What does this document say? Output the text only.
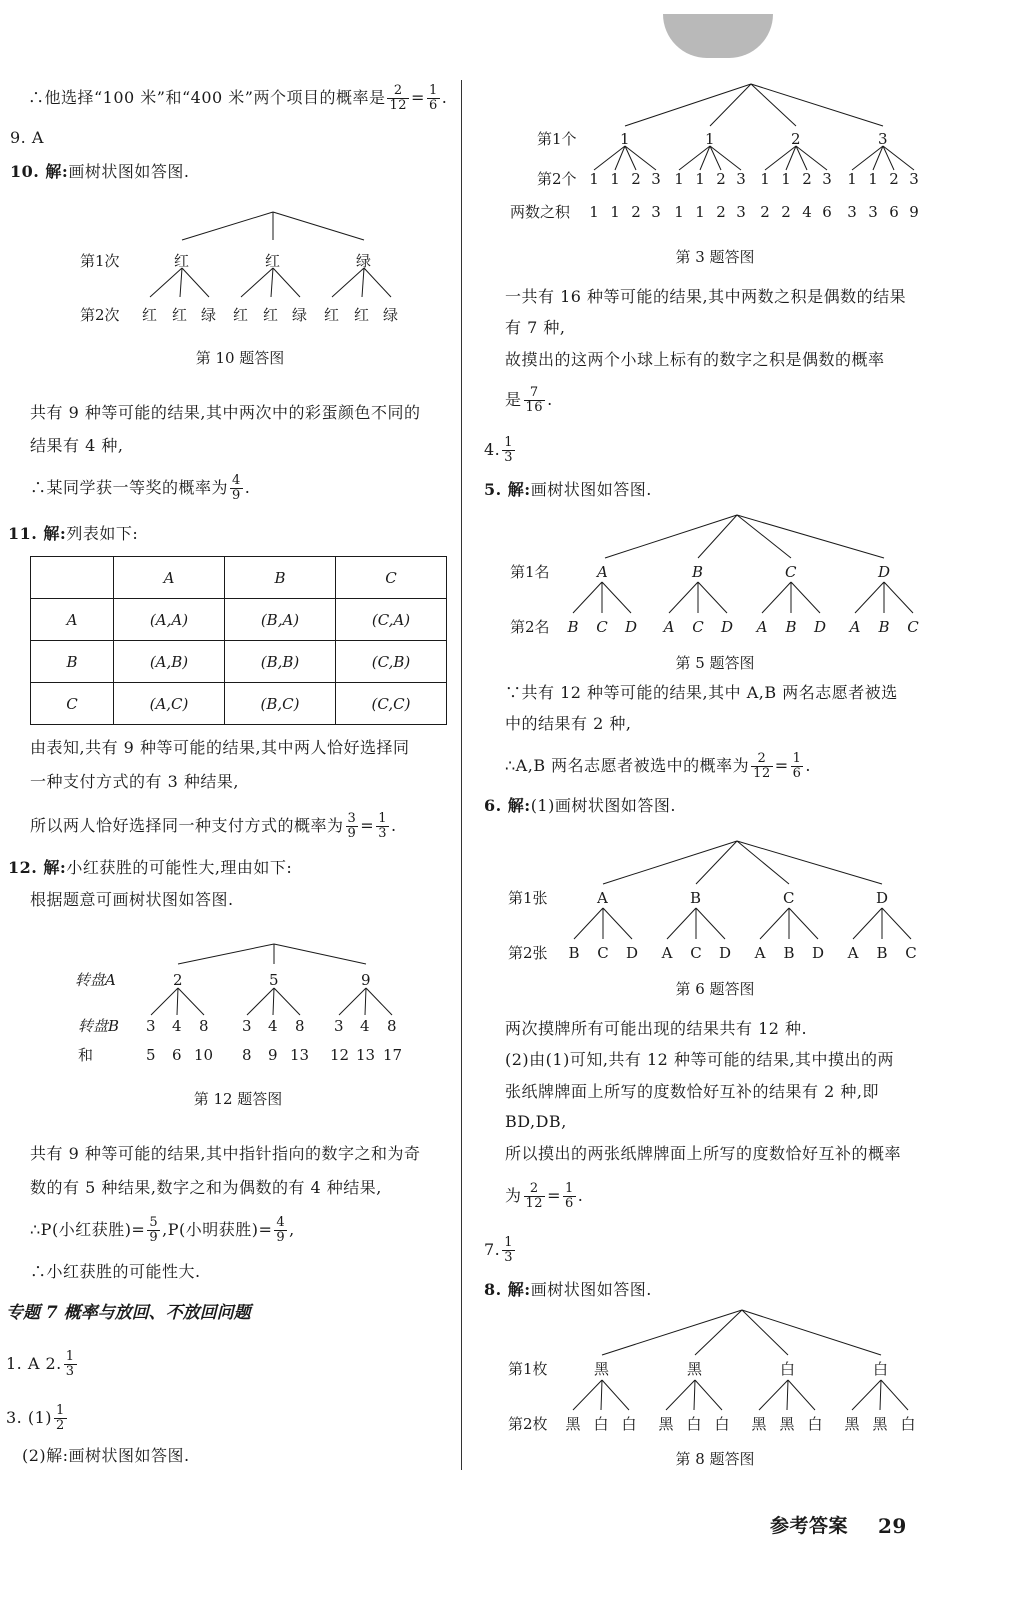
∴他选择“100 米”和“400 米”两个项目的概率是 $\frac{2}{12} = \frac{1}{6}$ .
9. A
10. 解:画树状图如答图.
第1次
第2次
红	红	绿
红 红 绿 红 红 绿 红 红 绿
第 10 题答图
共有 9 种等可能的结果,其中两次中的彩蛋颜色不同的
结果有 4 种,
∴某同学获一等奖的概率为 $\frac{4}{9}$ .
11. 解:列表如下:
	A	B	C
A	(A,A)	(B,A)	(C,A)
B	(A,B)	(B,B)	(C,B)
C	(A,C)	(B,C)	(C,C)
由表知,共有 9 种等可能的结果,其中两人恰好选择同
一种支付方式的有 3 种结果,
所以两人恰好选择同一种支付方式的概率为 $\frac{3}{9} = \frac{1}{3}$ .
12. 解:小红获胜的可能性大,理由如下:
根据题意可画树状图如答图.
转盘A
转盘B
和
2	5	9
3 4 8 3 4 8 3 4 8
5 6 10 8 9 13 12 13 17
第 12 题答图
共有 9 种等可能的结果,其中指针指向的数字之和为奇
数的有 5 种结果,数字之和为偶数的有 4 种结果,
∴P(小红获胜)= $\frac{5}{9} ,P$(小明获胜)= $\frac{4}{9}$ ,
∴小红获胜的可能性大.
专题 7 概率与放回、不放回问题
1. A 2. $\frac{1}{3}$
3. $(1) \frac{1}{2}$
(2)解:画树状图如答图.
第1个
第2个
两数之积
1	1	2	3
1 1 2 3 1 1 2 3 1 1 2 3 1 1 2 3
1 1 2 3 1 1 2 3 2 2 4 6 3 3 6 9
第 3 题答图
一共有 16 种等可能的结果,其中两数之积是偶数的结果
有 7 种,
故摸出的这两个小球上标有的数字之积是偶数的概率
是 $\frac{7}{16}$ .
4. $\frac{1}{3}$
5. 解:画树状图如答图.
第1名
第2名
A	B	C	D
B C D A C D A B D A B C
第 5 题答图
∵共有 12 种等可能的结果,其中 A,B 两名志愿者被选
中的结果有 2 种,
∴A,B 两名志愿者被选中的概率为 $\frac{2}{12} = \frac{1}{6}$ .
6. 解:(1)画树状图如答图.
第1张
第2张
A	B	C	D
B C D A C D A B D A B C
第 6 题答图
两次摸牌所有可能出现的结果共有 12 种.
(2)由(1)可知,共有 12 种等可能的结果,其中摸出的两
张纸牌牌面上所写的度数恰好互补的结果有 2 种,即
BD,DB,
所以摸出的两张纸牌牌面上所写的度数恰好互补的概率
为 $\frac{2}{12} = \frac{1}{6}$ .
7. $\frac{1}{3}$
8. 解:画树状图如答图.
第1枚
第2枚
黑	黑	白	白
黑 白 白 黑 白 白 黑 黑 白 黑 黑 白
第 8 题答图
参考答案 29
